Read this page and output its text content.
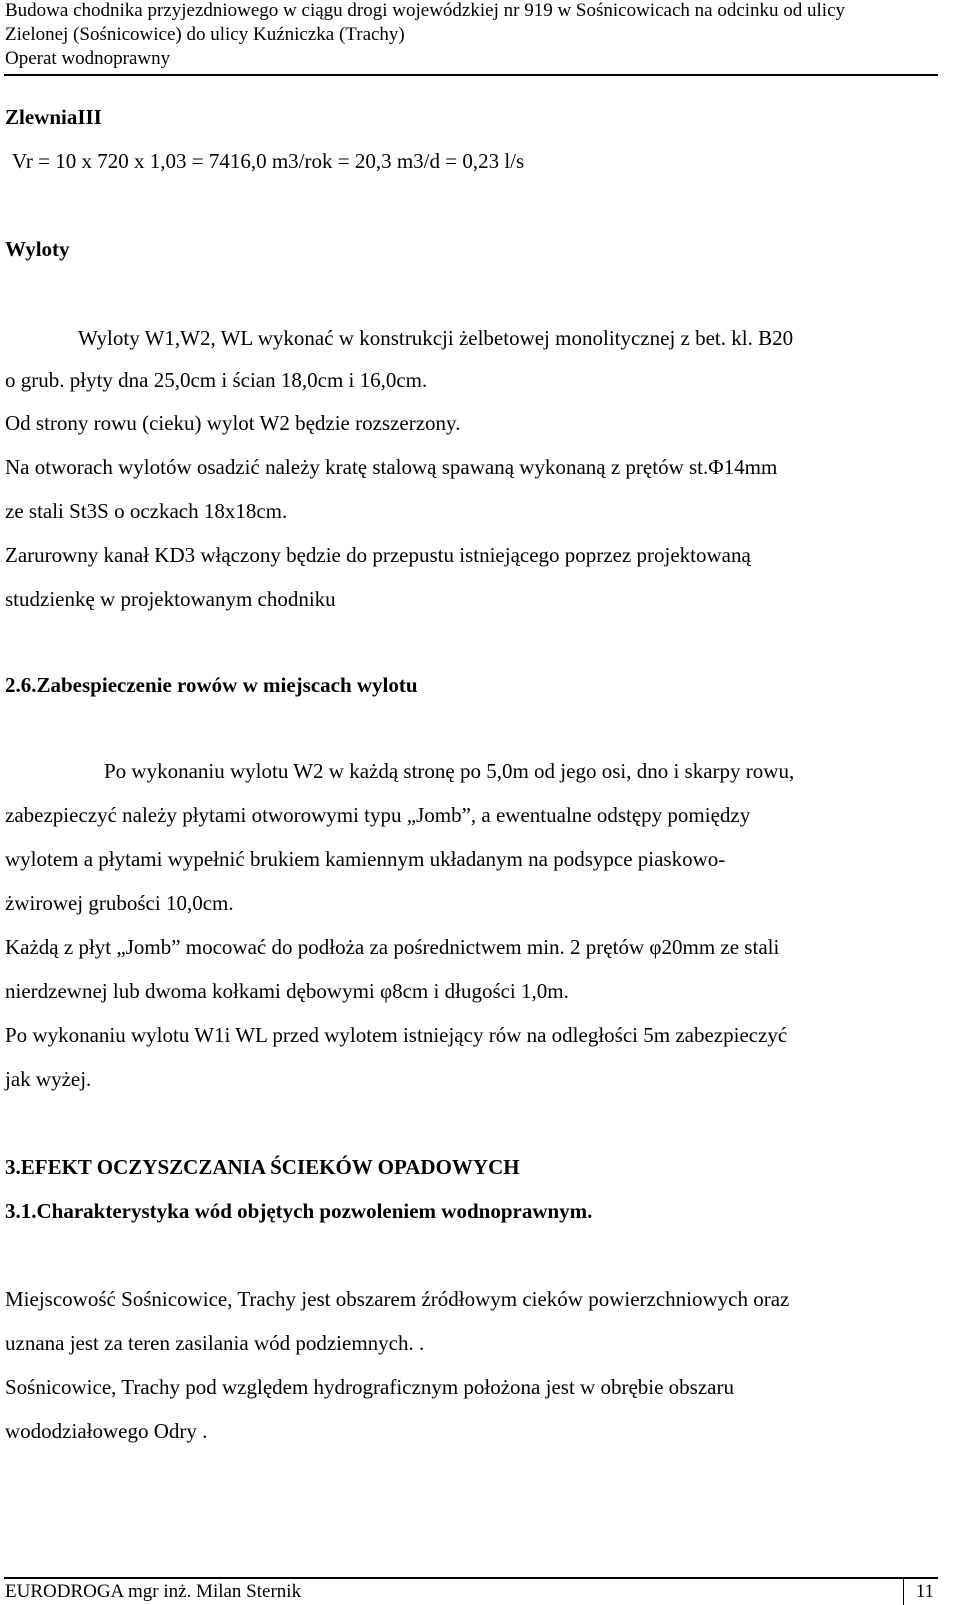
Budowa chodnika przyjezdniowego w ciągu drogi wojewódzkiej nr 919 w Sośnicowicach na odcinku od ulicy
Zielonej (Sośnicowice) do ulicy Kuźniczka (Trachy)
Operat wodnoprawny
ZlewniaIII
Vr = 10 x 720 x 1,03 = 7416,0 m3/rok = 20,3 m3/d = 0,23 l/s
Wyloty
Wyloty W1,W2, WL wykonać w konstrukcji żelbetowej monolitycznej z bet. kl. B20
o grub. płyty dna 25,0cm i ścian 18,0cm i 16,0cm.
Od strony rowu (cieku) wylot W2 będzie rozszerzony.
Na otworach wylotów osadzić należy kratę stalową spawaną wykonaną z prętów st.Φ14mm
ze stali St3S o oczkach 18x18cm.
Zarurowny kanał KD3 włączony będzie do przepustu istniejącego poprzez projektowaną
studzienkę w projektowanym chodniku
2.6.Zabespieczenie rowów w miejscach wylotu
Po wykonaniu wylotu W2 w każdą stronę po 5,0m od jego osi, dno i skarpy rowu,
zabezpieczyć należy płytami otworowymi typu „Jomb”, a ewentualne odstępy pomiędzy
wylotem a płytami wypełnić brukiem kamiennym układanym na podsypce piaskowo-
żwirowej grubości 10,0cm.
Każdą z płyt „Jomb” mocować do podłoża za pośrednictwem min. 2 prętów φ20mm ze stali
nierdzewnej lub dwoma kołkami dębowymi φ8cm i długości 1,0m.
Po wykonaniu wylotu W1i WL przed wylotem istniejący rów na odległości 5m zabezpieczyć
jak wyżej.
3.EFEKT OCZYSZCZANIA ŚCIEKÓW OPADOWYCH
3.1.Charakterystyka wód objętych pozwoleniem wodnoprawnym.
Miejscowość Sośnicowice, Trachy jest obszarem źródłowym cieków powierzchniowych oraz
uznana jest za teren zasilania wód podziemnych. .
Sośnicowice, Trachy pod względem hydrograficznym położona jest w obrębie obszaru
wododziałowego Odry .
EURODROGA mgr inż. Milan Sternik	11
